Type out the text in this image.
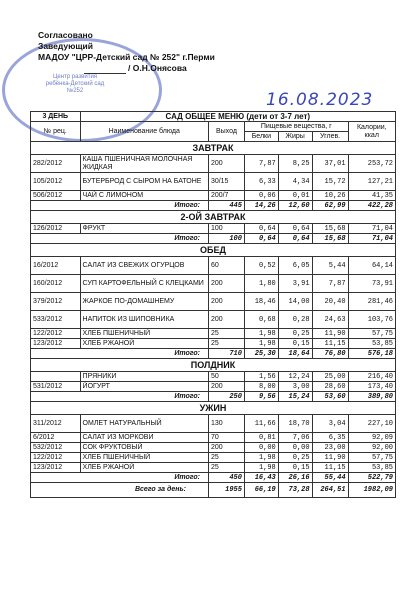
Центр развития ребёнка-Детский сад №252
Согласовано
Заведующий
МАДОУ "ЦРР-Детский сад № 252" г.Перми
/ О.Н.Онясова
16.08.2023
3 ДЕНЬ	САД ОБЩЕЕ МЕНЮ (дети от 3-7 лет)					
№ рец.	Наименование блюда	Выход	Пищевые вещества, г			Калории, ккал
			Белки	Жиры	Углев.	
ЗАВТРАК						
282/2012	КАША ПШЕНИЧНАЯ МОЛОЧНАЯ ЖИДКАЯ	200	7,87	8,25	37,01	253,72
105/2012	БУТЕРБРОД С СЫРОМ НА БАТОНЕ	30/15	6,33	4,34	15,72	127,21
506/2012	ЧАЙ С ЛИМОНОМ	200/7	0,06	0,01	10,26	41,35
Итого:		445	14,26	12,60	62,99	422,28
2-ОЙ ЗАВТРАК						
126/2012	ФРУКТ	100	0,64	0,64	15,68	71,04
Итого:		100	0,64	0,64	15,68	71,04
ОБЕД						
16/2012	САЛАТ ИЗ СВЕЖИХ ОГУРЦОВ	60	0,52	6,05	5,44	64,14
160/2012	СУП КАРТОФЕЛЬНЫЙ С КЛЕЦКАМИ	200	1,80	3,91	7,87	73,91
379/2012	ЖАРКОЕ ПО-ДОМАШНЕМУ	200	18,46	14,00	20,40	281,46
533/2012	НАПИТОК ИЗ ШИПОВНИКА	200	0,68	0,28	24,63	103,76
122/2012	ХЛЕБ ПШЕНИЧНЫЙ	25	1,98	0,25	11,90	57,75
123/2012	ХЛЕБ РЖАНОЙ	25	1,98	0,15	11,15	53,85
Итого:		710	25,30	18,64	76,80	576,18
ПОЛДНИК						
	ПРЯНИКИ	50	1,56	12,24	25,00	216,40
531/2012	ЙОГУРТ	200	8,00	3,00	28,60	173,40
Итого:		250	9,56	15,24	53,60	389,80
УЖИН						
311/2012	ОМЛЕТ НАТУРАЛЬНЫЙ	130	11,66	18,70	3,04	227,10
6/2012	САЛАТ ИЗ МОРКОВИ	70	0,81	7,06	6,35	92,09
532/2012	СОК ФРУКТОВЫЙ	200	0,00	0,00	23,00	92,00
122/2012	ХЛЕБ ПШЕНИЧНЫЙ	25	1,98	0,25	11,90	57,75
123/2012	ХЛЕБ РЖАНОЙ	25	1,98	0,15	11,15	53,85
Итого:		450	16,43	26,16	55,44	522,79
Всего за день:		1955	66,19	73,28	264,51	1982,09
